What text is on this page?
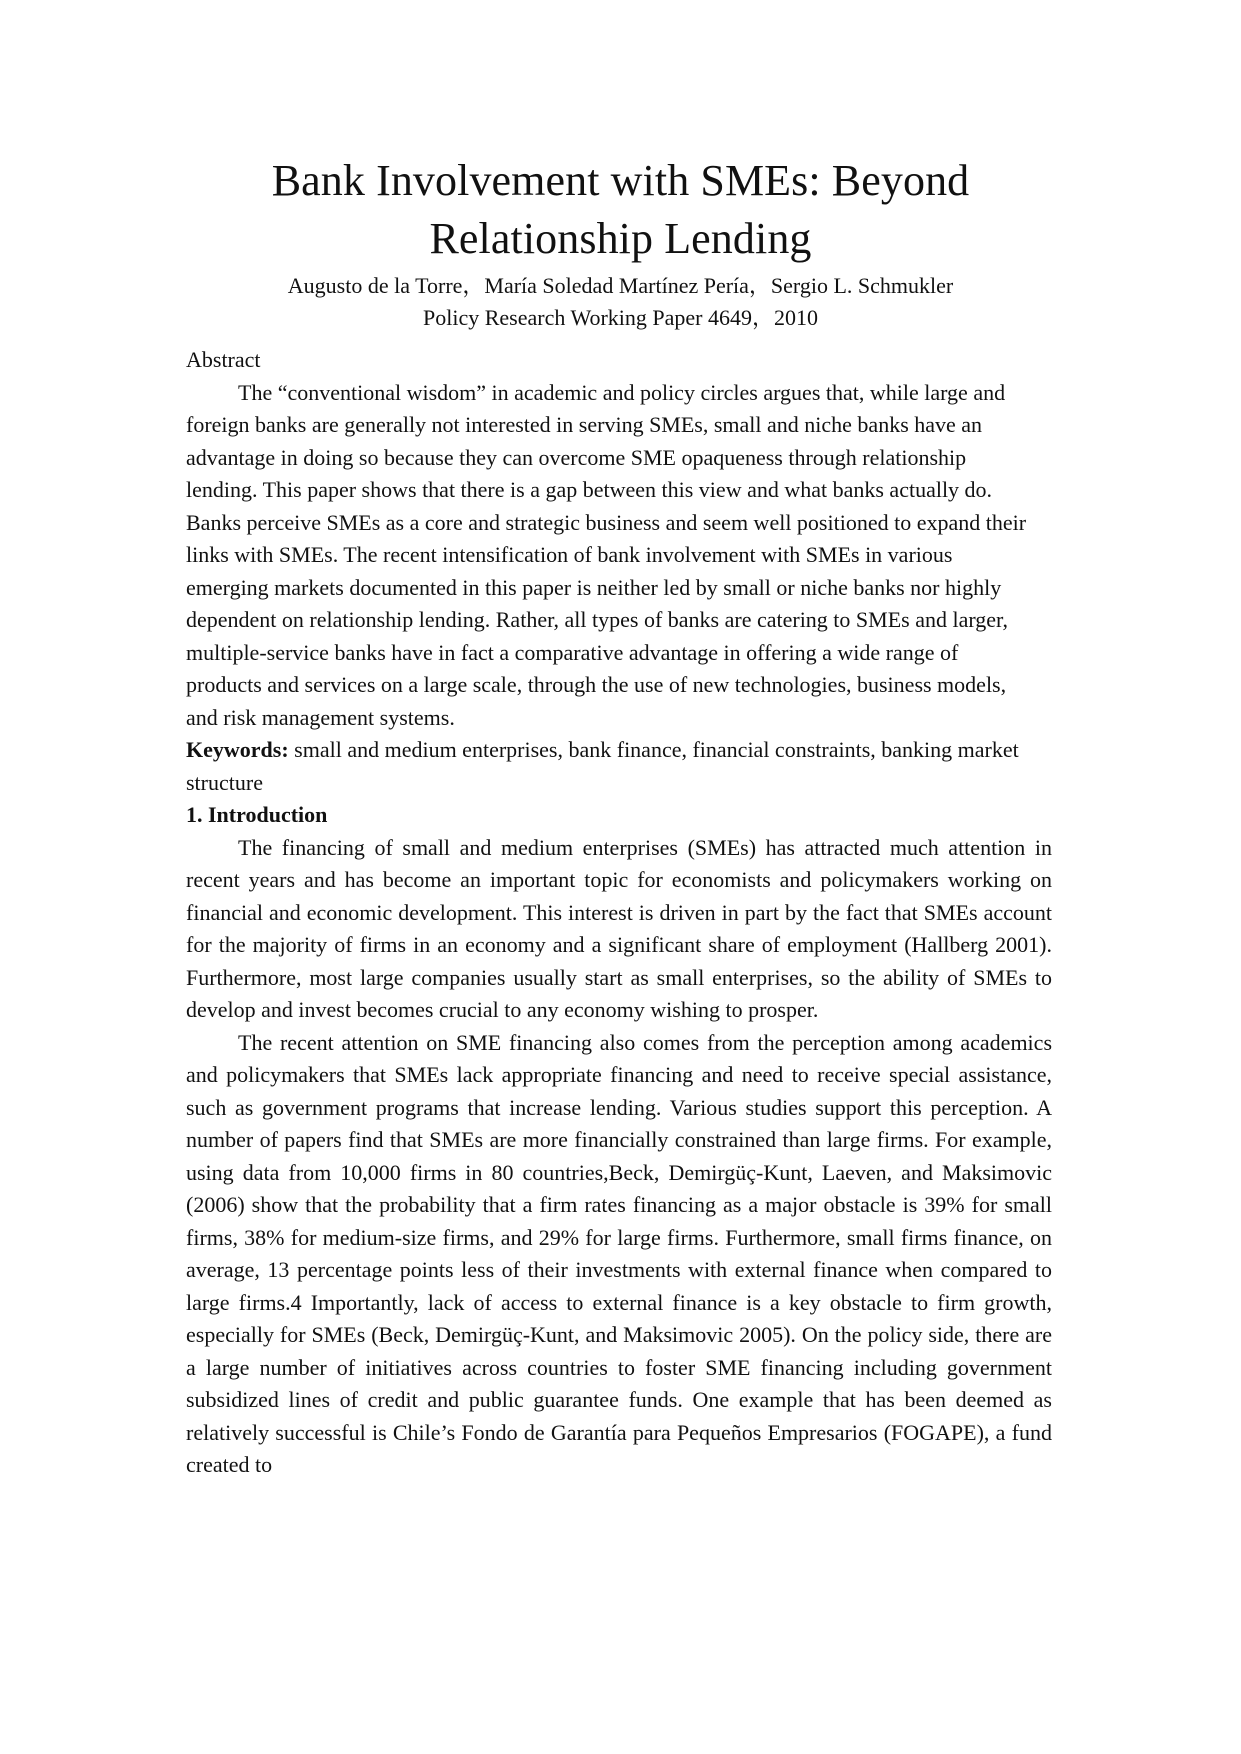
Bank Involvement with SMEs: Beyond Relationship Lending

Augusto de la Torre，María Soledad Martínez Pería，Sergio L. Schmukler

Policy Research Working Paper 4649，2010

Abstract

The “conventional wisdom” in academic and policy circles argues that, while large and foreign banks are generally not interested in serving SMEs, small and niche banks have an advantage in doing so because they can overcome SME opaqueness through relationship lending. This paper shows that there is a gap between this view and what banks actually do. Banks perceive SMEs as a core and strategic business and seem well positioned to expand their links with SMEs. The recent intensification of bank involvement with SMEs in various emerging markets documented in this paper is neither led by small or niche banks nor highly dependent on relationship lending. Rather, all types of banks are catering to SMEs and larger, multiple-service banks have in fact a comparative advantage in offering a wide range of products and services on a large scale, through the use of new technologies, business models, and risk management systems.

Keywords: small and medium enterprises, bank finance, financial constraints, banking market structure

1. Introduction

The financing of small and medium enterprises (SMEs) has attracted much attention in recent years and has become an important topic for economists and policymakers working on financial and economic development. This interest is driven in part by the fact that SMEs account for the majority of firms in an economy and a significant share of employment (Hallberg 2001). Furthermore, most large companies usually start as small enterprises, so the ability of SMEs to develop and invest becomes crucial to any economy wishing to prosper.

The recent attention on SME financing also comes from the perception among academics and policymakers that SMEs lack appropriate financing and need to receive special assistance, such as government programs that increase lending. Various studies support this perception. A number of papers find that SMEs are more financially constrained than large firms. For example, using data from 10,000 firms in 80 countries,Beck, Demirgüç-Kunt, Laeven, and Maksimovic (2006) show that the probability that a firm rates financing as a major obstacle is 39% for small firms, 38% for medium-size firms, and 29% for large firms. Furthermore, small firms finance, on average, 13 percentage points less of their investments with external finance when compared to large firms.4 Importantly, lack of access to external finance is a key obstacle to firm growth, especially for SMEs (Beck, Demirgüç-Kunt, and Maksimovic 2005). On the policy side, there are a large number of initiatives across countries to foster SME financing including government subsidized lines of credit and public guarantee funds. One example that has been deemed as relatively successful is Chile’s Fondo de Garantía para Pequeños Empresarios (FOGAPE), a fund created to
